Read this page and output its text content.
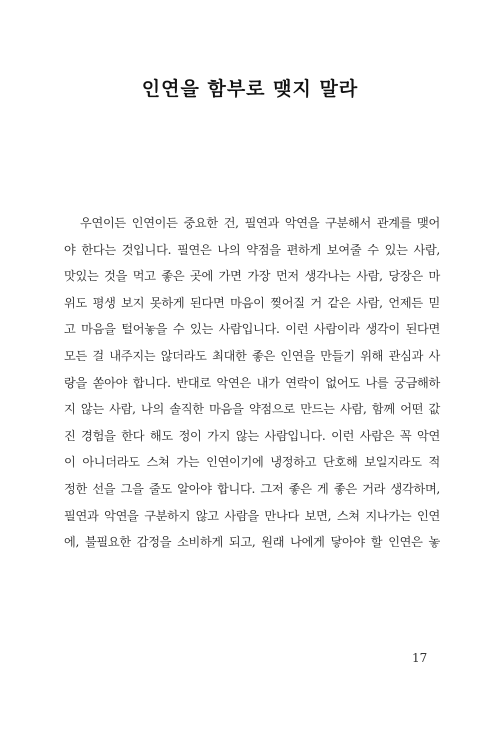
인연을 함부로 맺지 말라
우연이든 인연이든 중요한 건, 필연과 악연을 구분해서 관계를 맺어
야 한다는 것입니다. 필연은 나의 약점을 편하게 보여줄 수 있는 사람,
맛있는 것을 먹고 좋은 곳에 가면 가장 먼저 생각나는 사람, 당장은 마
위도 평생 보지 못하게 된다면 마음이 찢어질 거 같은 사람, 언제든 믿
고 마음을 털어놓을 수 있는 사람입니다. 이런 사람이라 생각이 된다면
모든 걸 내주지는 않더라도 최대한 좋은 인연을 만들기 위해 관심과 사
랑을 쏟아야 합니다. 반대로 악연은 내가 연락이 없어도 나를 궁금해하
지 않는 사람, 나의 솔직한 마음을 약점으로 만드는 사람, 함께 어떤 값
진 경험을 한다 해도 정이 가지 않는 사람입니다. 이런 사람은 꼭 악연
이 아니더라도 스쳐 가는 인연이기에 냉정하고 단호해 보일지라도 적
정한 선을 그을 줄도 알아야 합니다. 그저 좋은 게 좋은 거라 생각하며,
필연과 악연을 구분하지 않고 사람을 만나다 보면, 스쳐 지나가는 인연
에, 불필요한 감정을 소비하게 되고, 원래 나에게 닿아야 할 인연은 놓
17
